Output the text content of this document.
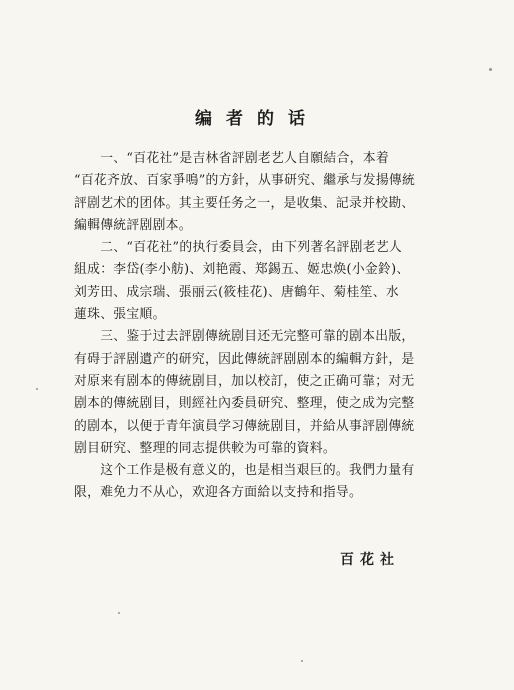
编者的话

　　一、“百花社”是吉林省評剧老艺人自願結合，本着
“百花齐放、百家爭鳴”的方針，从事研究、繼承与发揚傳統
評剧艺术的团体。其主要任务之一，是收集、記录并校勘、
編輯傳統評剧剧本。

　　二、“百花社”的执行委員会，由下列著名評剧老艺人
組成：李岱(李小舫)、刘艳霞、郑錫五、姬忠焕(小金鈴)、
刘芳田、成宗瑞、張丽云(筱桂花)、唐鶴年、菊桂笙、水
蓮珠、張宝順。

　　三、鉴于过去評剧傳統剧目还无完整可靠的剧本出版，
有碍于評剧遺产的研究，因此傳統評剧剧本的編輯方針，是
对原来有剧本的傳統剧目，加以校訂，使之正确可靠；对无
剧本的傳統剧目，則經社內委員研究、整理，使之成为完整
的剧本，以便于青年演員学习傳統剧目，并給从事評剧傳統
剧目研究、整理的同志提供較为可靠的資料。

　　这个工作是极有意义的，也是相当艰巨的。我們力量有
限，难免力不从心，欢迎各方面給以支持和指导。

百花社
